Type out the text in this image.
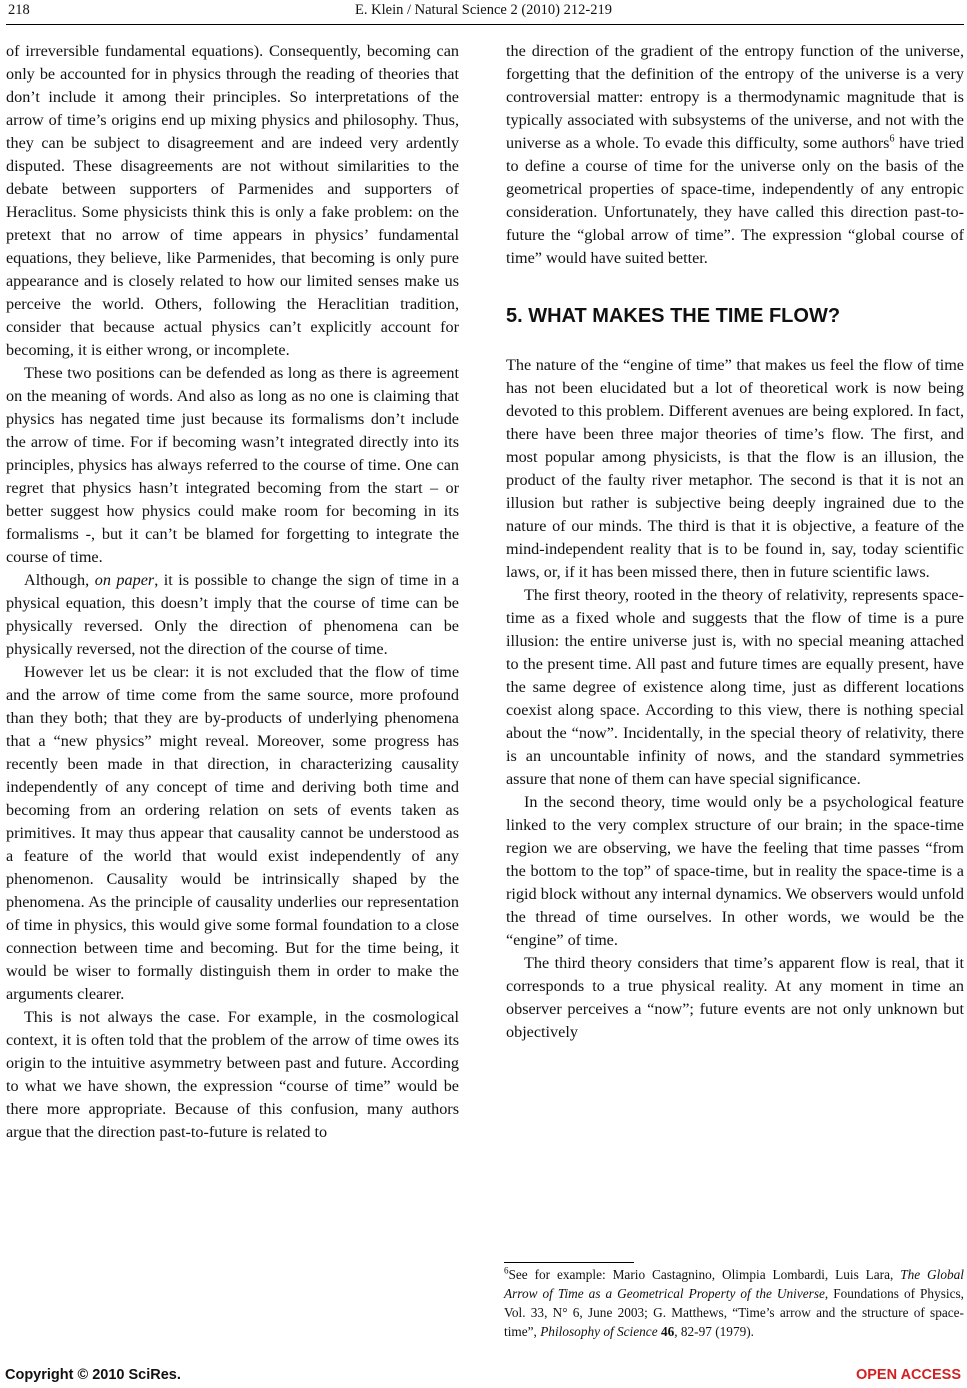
218	E. Klein / Natural Science 2 (2010) 212-219

of irreversible fundamental equations). Consequently, becoming can only be accounted for in physics through the reading of theories that don’t include it among their principles. So interpretations of the arrow of time’s origins end up mixing physics and philosophy. Thus, they can be subject to disagreement and are indeed very ardently disputed. These disagreements are not without similarities to the debate between supporters of Parmenides and supporters of Heraclitus. Some physicists think this is only a fake problem: on the pretext that no arrow of time appears in physics’ fundamental equations, they believe, like Parmenides, that becoming is only pure appearance and is closely related to how our limited senses make us perceive the world. Others, following the Heraclitian tradition, consider that because actual physics can’t explicitly account for becoming, it is either wrong, or incomplete.

These two positions can be defended as long as there is agreement on the meaning of words. And also as long as no one is claiming that physics has negated time just because its formalisms don’t include the arrow of time. For if becoming wasn’t integrated directly into its principles, physics has always referred to the course of time. One can regret that physics hasn’t integrated becoming from the start – or better suggest how physics could make room for becoming in its formalisms -, but it can’t be blamed for forgetting to integrate the course of time.

Although, on paper, it is possible to change the sign of time in a physical equation, this doesn’t imply that the course of time can be physically reversed. Only the direction of phenomena can be physically reversed, not the direction of the course of time.

However let us be clear: it is not excluded that the flow of time and the arrow of time come from the same source, more profound than they both; that they are by-products of underlying phenomena that a “new physics” might reveal. Moreover, some progress has recently been made in that direction, in characterizing causality independently of any concept of time and deriving both time and becoming from an ordering relation on sets of events taken as primitives. It may thus appear that causality cannot be understood as a feature of the world that would exist independently of any phenomenon. Causality would be intrinsically shaped by the phenomena. As the principle of causality underlies our representation of time in physics, this would give some formal foundation to a close connection between time and becoming. But for the time being, it would be wiser to formally distinguish them in order to make the arguments clearer.

This is not always the case. For example, in the cosmological context, it is often told that the problem of the arrow of time owes its origin to the intuitive asymmetry between past and future. According to what we have shown, the expression “course of time” would be there more appropriate. Because of this confusion, many authors argue that the direction past-to-future is related to

the direction of the gradient of the entropy function of the universe, forgetting that the definition of the entropy of the universe is a very controversial matter: entropy is a thermodynamic magnitude that is typically associated with subsystems of the universe, and not with the universe as a whole. To evade this difficulty, some authors$^6$ have tried to define a course of time for the universe only on the basis of the geometrical properties of space-time, independently of any entropic consideration. Unfortunately, they have called this direction past-to-future the “global arrow of time”. The expression “global course of time” would have suited better.

5. WHAT MAKES THE TIME FLOW?

The nature of the “engine of time” that makes us feel the flow of time has not been elucidated but a lot of theoretical work is now being devoted to this problem. Different avenues are being explored. In fact, there have been three major theories of time’s flow. The first, and most popular among physicists, is that the flow is an illusion, the product of the faulty river metaphor. The second is that it is not an illusion but rather is subjective being deeply ingrained due to the nature of our minds. The third is that it is objective, a feature of the mind-independent reality that is to be found in, say, today scientific laws, or, if it has been missed there, then in future scientific laws.

The first theory, rooted in the theory of relativity, represents space-time as a fixed whole and suggests that the flow of time is a pure illusion: the entire universe just is, with no special meaning attached to the present time. All past and future times are equally present, have the same degree of existence along time, just as different locations coexist along space. According to this view, there is nothing special about the “now”. Incidentally, in the special theory of relativity, there is an uncountable infinity of nows, and the standard symmetries assure that none of them can have special significance.

In the second theory, time would only be a psychological feature linked to the very complex structure of our brain; in the space-time region we are observing, we have the feeling that time passes “from the bottom to the top” of space-time, but in reality the space-time is a rigid block without any internal dynamics. We observers would unfold the thread of time ourselves. In other words, we would be the “engine” of time.

The third theory considers that time’s apparent flow is real, that it corresponds to a true physical reality. At any moment in time an observer perceives a “now”; future events are not only unknown but objectively

$^6$See for example: Mario Castagnino, Olimpia Lombardi, Luis Lara, The Global Arrow of Time as a Geometrical Property of the Universe, Foundations of Physics, Vol. 33, N° 6, June 2003; G. Matthews, “Time’s arrow and the structure of space-time”, Philosophy of Science 46, 82-97 (1979).
Copyright © 2010 SciRes.	OPEN ACCESS
